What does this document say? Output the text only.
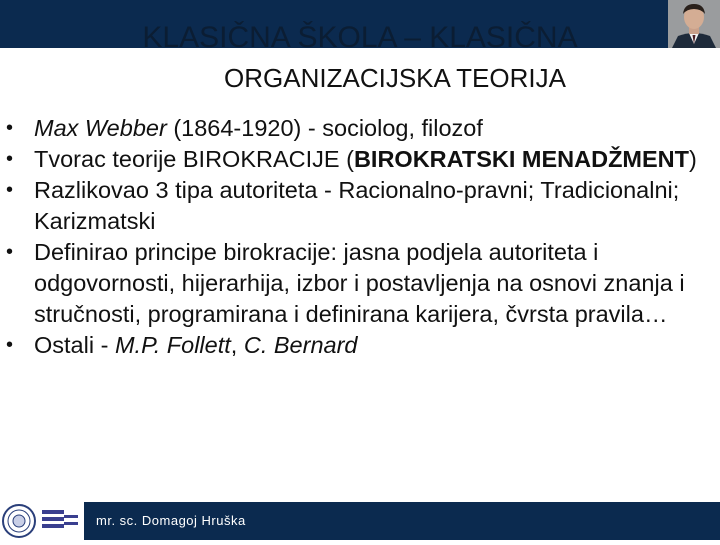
KLASIČNA ŠKOLA – KLASIČNA
ORGANIZACIJSKA TEORIJA
• Max Webber (1864-1920) - sociolog, filozof
• Tvorac teorije BIROKRACIJE (BIROKRATSKI MENADŽMENT)
• Razlikovao 3 tipa autoriteta - Racionalno-pravni; Tradicionalni; Karizmatski
• Definirao principe birokracije: jasna podjela autoriteta i odgovornosti, hijerarhija, izbor i postavljenja na osnovi znanja i stručnosti, programirana i definirana karijera, čvrsta pravila…
• Ostali - M.P. Follett, C. Bernard
mr. sc. Domagoj Hruška
